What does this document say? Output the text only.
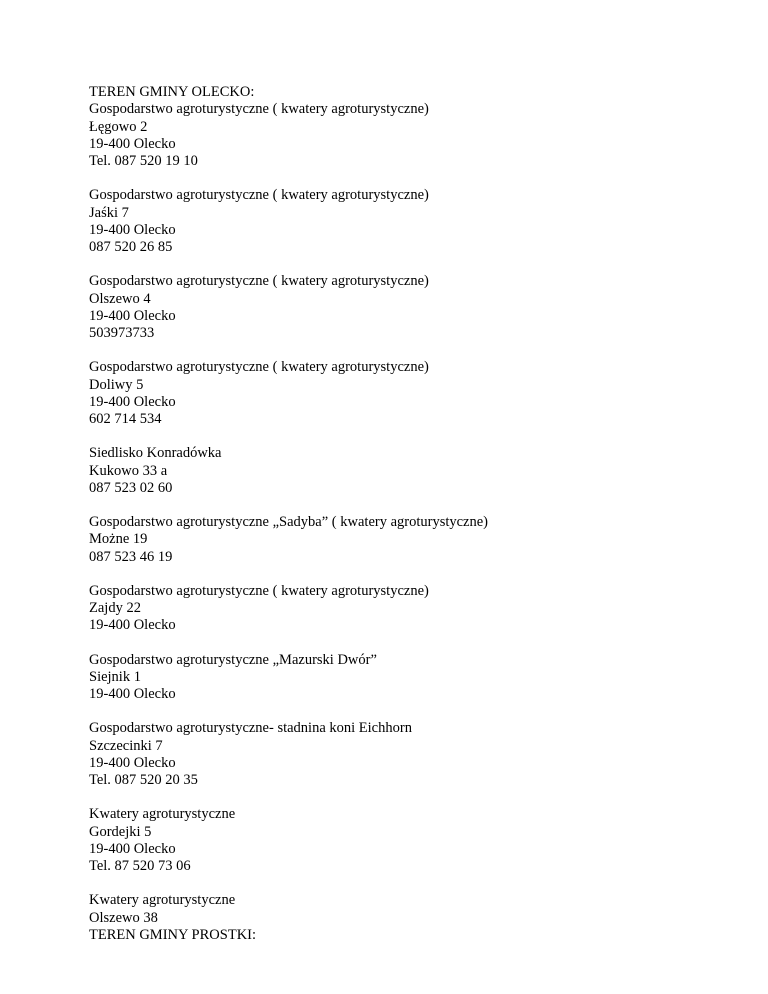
TEREN GMINY OLECKO:
Gospodarstwo agroturystyczne ( kwatery agroturystyczne)
Łęgowo 2
19-400 Olecko
Tel. 087 520 19 10
Gospodarstwo agroturystyczne ( kwatery agroturystyczne)
Jaśki 7
19-400 Olecko
087 520 26 85
Gospodarstwo agroturystyczne ( kwatery agroturystyczne)
Olszewo 4
19-400 Olecko
503973733
Gospodarstwo agroturystyczne ( kwatery agroturystyczne)
Doliwy 5
19-400 Olecko
602 714 534
Siedlisko Konradówka
Kukowo 33 a
087 523 02 60
Gospodarstwo agroturystyczne „Sadyba” ( kwatery agroturystyczne)
Możne 19
087 523 46 19
Gospodarstwo agroturystyczne ( kwatery agroturystyczne)
Zajdy 22
19-400 Olecko
Gospodarstwo agroturystyczne „Mazurski Dwór”
Siejnik 1
19-400 Olecko
Gospodarstwo agroturystyczne- stadnina koni Eichhorn
Szczecinki 7
19-400 Olecko
Tel. 087 520 20 35
Kwatery agroturystyczne
Gordejki 5
19-400 Olecko
Tel. 87 520 73 06
Kwatery agroturystyczne
Olszewo 38
TEREN GMINY PROSTKI:
